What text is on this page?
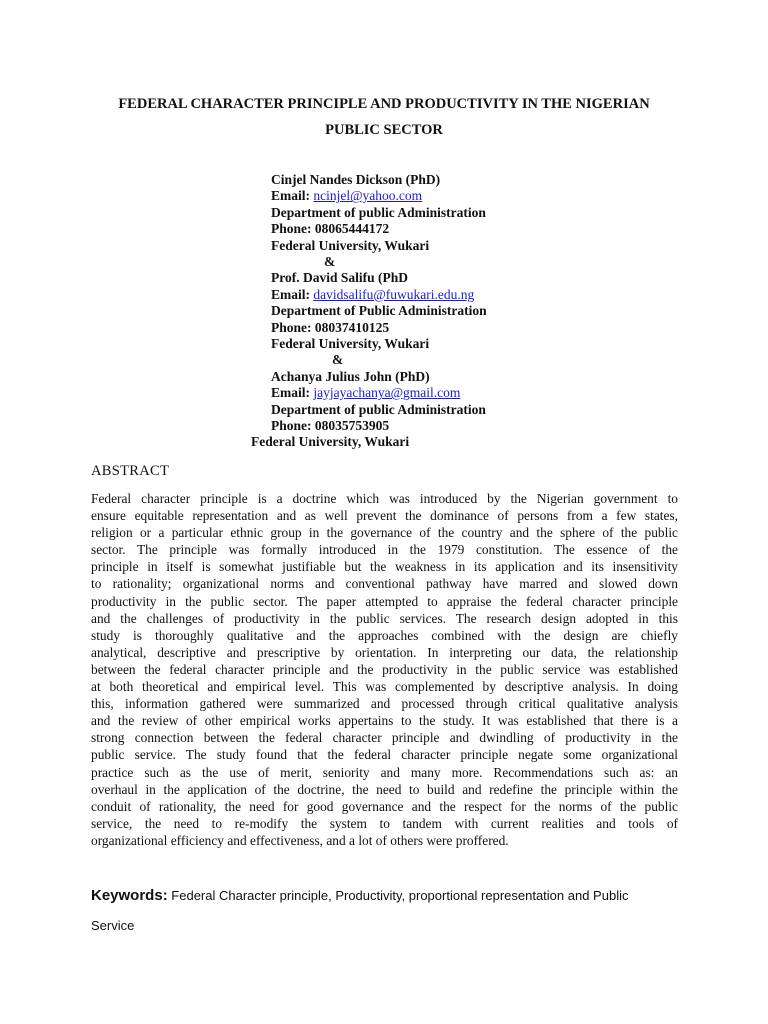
FEDERAL CHARACTER PRINCIPLE AND PRODUCTIVITY IN THE NIGERIAN
PUBLIC SECTOR
Cinjel Nandes Dickson (PhD)
Email: ncinjel@yahoo.com
Department of public Administration
Phone: 08065444172
Federal University, Wukari
&
Prof. David Salifu (PhD
Email: davidsalifu@fuwukari.edu.ng
Department of Public Administration
Phone: 08037410125
Federal University, Wukari
&
Achanya Julius John (PhD)
Email: jayjayachanya@gmail.com
Department of public Administration
Phone: 08035753905
Federal University, Wukari
ABSTRACT
Federal character principle is a doctrine which was introduced by the Nigerian government to
ensure equitable representation and as well prevent the dominance of persons from a few states,
religion or a particular ethnic group in the governance of the country and the sphere of the public
sector. The principle was formally introduced in the 1979 constitution. The essence of the
principle in itself is somewhat justifiable but the weakness in its application and its insensitivity
to rationality; organizational norms and conventional pathway have marred and slowed down
productivity in the public sector. The paper attempted to appraise the federal character principle
and the challenges of productivity in the public services. The research design adopted in this
study is thoroughly qualitative and the approaches combined with the design are chiefly
analytical, descriptive and prescriptive by orientation. In interpreting our data, the relationship
between the federal character principle and the productivity in the public service was established
at both theoretical and empirical level. This was complemented by descriptive analysis. In doing
this, information gathered were summarized and processed through critical qualitative analysis
and the review of other empirical works appertains to the study. It was established that there is a
strong connection between the federal character principle and dwindling of productivity in the
public service. The study found that the federal character principle negate some organizational
practice such as the use of merit, seniority and many more. Recommendations such as: an
overhaul in the application of the doctrine, the need to build and redefine the principle within the
conduit of rationality, the need for good governance and the respect for the norms of the public
service, the need to re-modify the system to tandem with current realities and tools of
organizational efficiency and effectiveness, and a lot of others were proffered.
Keywords: Federal Character principle, Productivity, proportional representation and Public
Service
